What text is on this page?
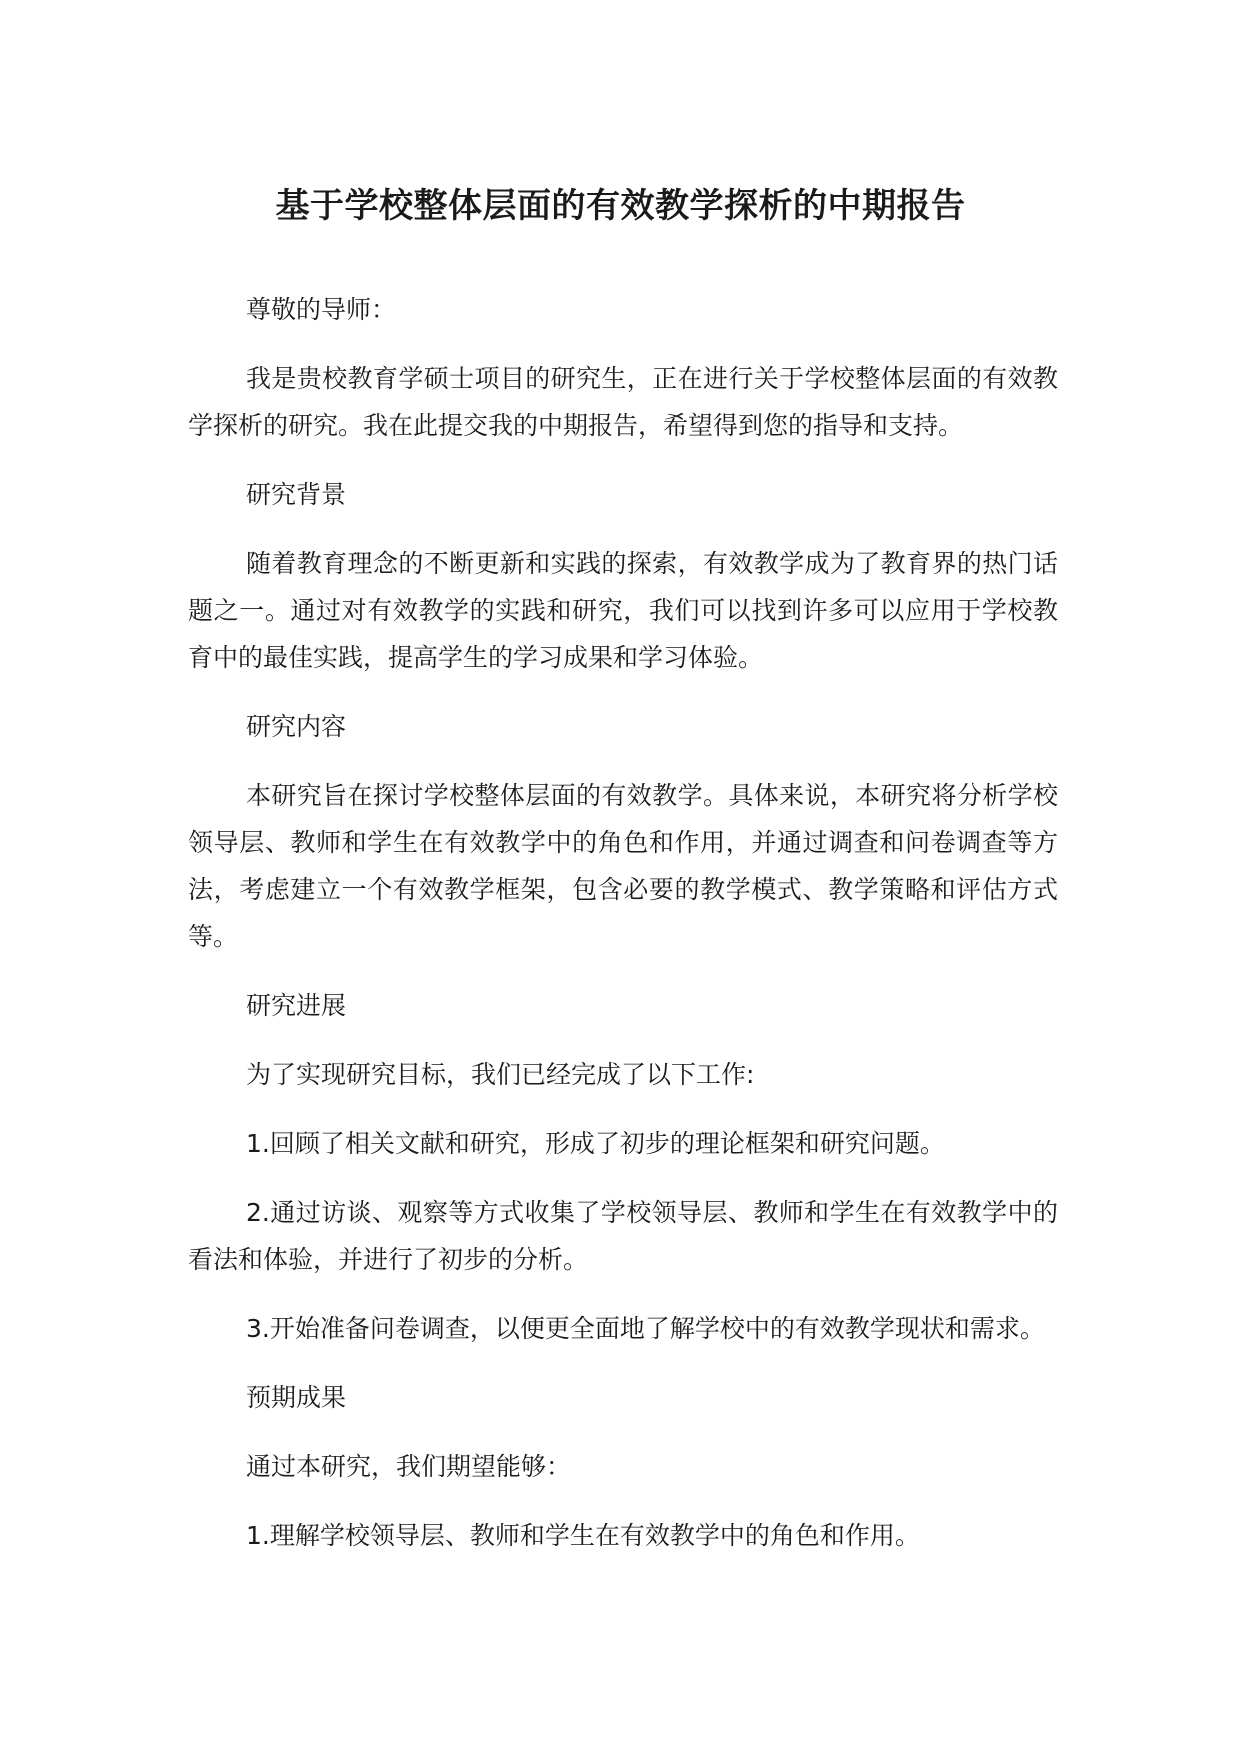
基于学校整体层面的有效教学探析的中期报告

尊敬的导师：

我是贵校教育学硕士项目的研究生，正在进行关于学校整体层面的有效教学探析的研究。我在此提交我的中期报告，希望得到您的指导和支持。

研究背景

随着教育理念的不断更新和实践的探索，有效教学成为了教育界的热门话题之一。通过对有效教学的实践和研究，我们可以找到许多可以应用于学校教育中的最佳实践，提高学生的学习成果和学习体验。

研究内容

本研究旨在探讨学校整体层面的有效教学。具体来说，本研究将分析学校领导层、教师和学生在有效教学中的角色和作用，并通过调查和问卷调查等方法，考虑建立一个有效教学框架，包含必要的教学模式、教学策略和评估方式等。

研究进展

为了实现研究目标，我们已经完成了以下工作:

1.回顾了相关文献和研究，形成了初步的理论框架和研究问题。

2.通过访谈、观察等方式收集了学校领导层、教师和学生在有效教学中的看法和体验，并进行了初步的分析。

3.开始准备问卷调查，以便更全面地了解学校中的有效教学现状和需求。

预期成果

通过本研究，我们期望能够：

1.理解学校领导层、教师和学生在有效教学中的角色和作用。
